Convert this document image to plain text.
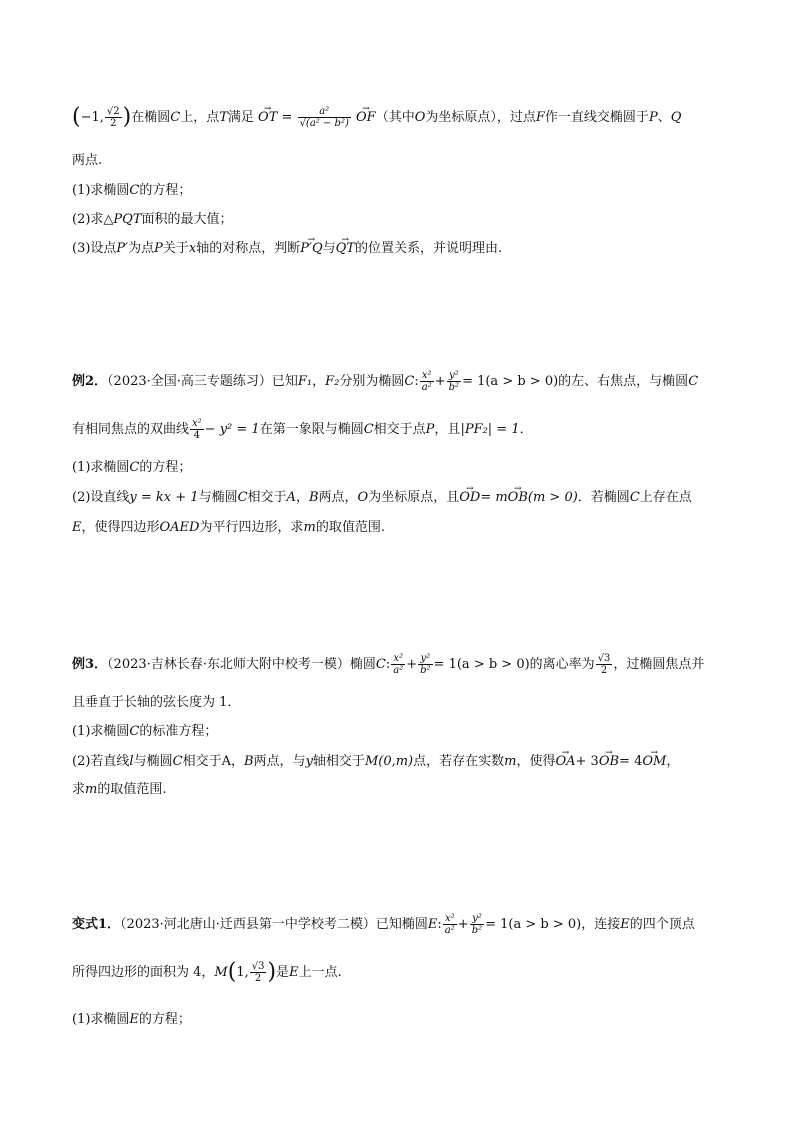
(−1, $\frac{√2}{2}$ )在椭圆C上，点T满足 → OT = $\frac{\text{a²}}{\text{√(a² − b²)}}$
→ OF（其中O为坐标原点），过点F作一直线交椭圆于P、Q
两点.
(1)求椭圆C的方程；
(2)求△PQT面积的最大值；
(3)设点P′为点P关于x轴的对称点，判断→ P′Q与→ QT的位置关系，并说明理由.
例2．（2023·全国·高三专题练习）已知F₁，F₂分别为椭圆C: $\frac{\text{x²}}{\text{a²}} + \frac{\text{y²}}{\text{b²}} = 1(a > b > 0)$的左、右焦点，与椭圆C
有相同焦点的双曲线 $\frac{\text{x²}}{4} - y^2 = 1$在第一象限与椭圆C相交于点P，且|PF₂| = 1．
(1)求椭圆C的方程；
(2)设直线y = kx + 1与椭圆C相交于A，B两点，O为坐标原点，且→ OD= m→ OB(m > 0)．若椭圆C上存在点
E，使得四边形OAED为平行四边形，求m的取值范围.
例3．（2023·吉林长春·东北师大附中校考一模）椭圆C: $\frac{\text{x²}}{\text{a²}} + \frac{\text{y²}}{\text{b²}} = 1(a > b > 0)$的离心率为 $\frac{√3}{2}$ ，过椭圆焦点并
且垂直于长轴的弦长度为 1．
(1)求椭圆C的标准方程；
(2)若直线l与椭圆C相交于A，B两点，与y轴相交于M(0,m)点，若存在实数m，使得→ OA+ 3→ OB= 4→ OM，
求m的取值范围.
变式1．（2023·河北唐山·迁西县第一中学校考二模）已知椭圆E: $\frac{\text{x²}}{\text{a²}} + \frac{\text{y²}}{\text{b²}} = 1(a > b > 0)$，连接E的四个顶点
所得四边形的面积为 4，M(1, $\frac{√3}{2}$ )是E上一点.
(1)求椭圆E的方程；
